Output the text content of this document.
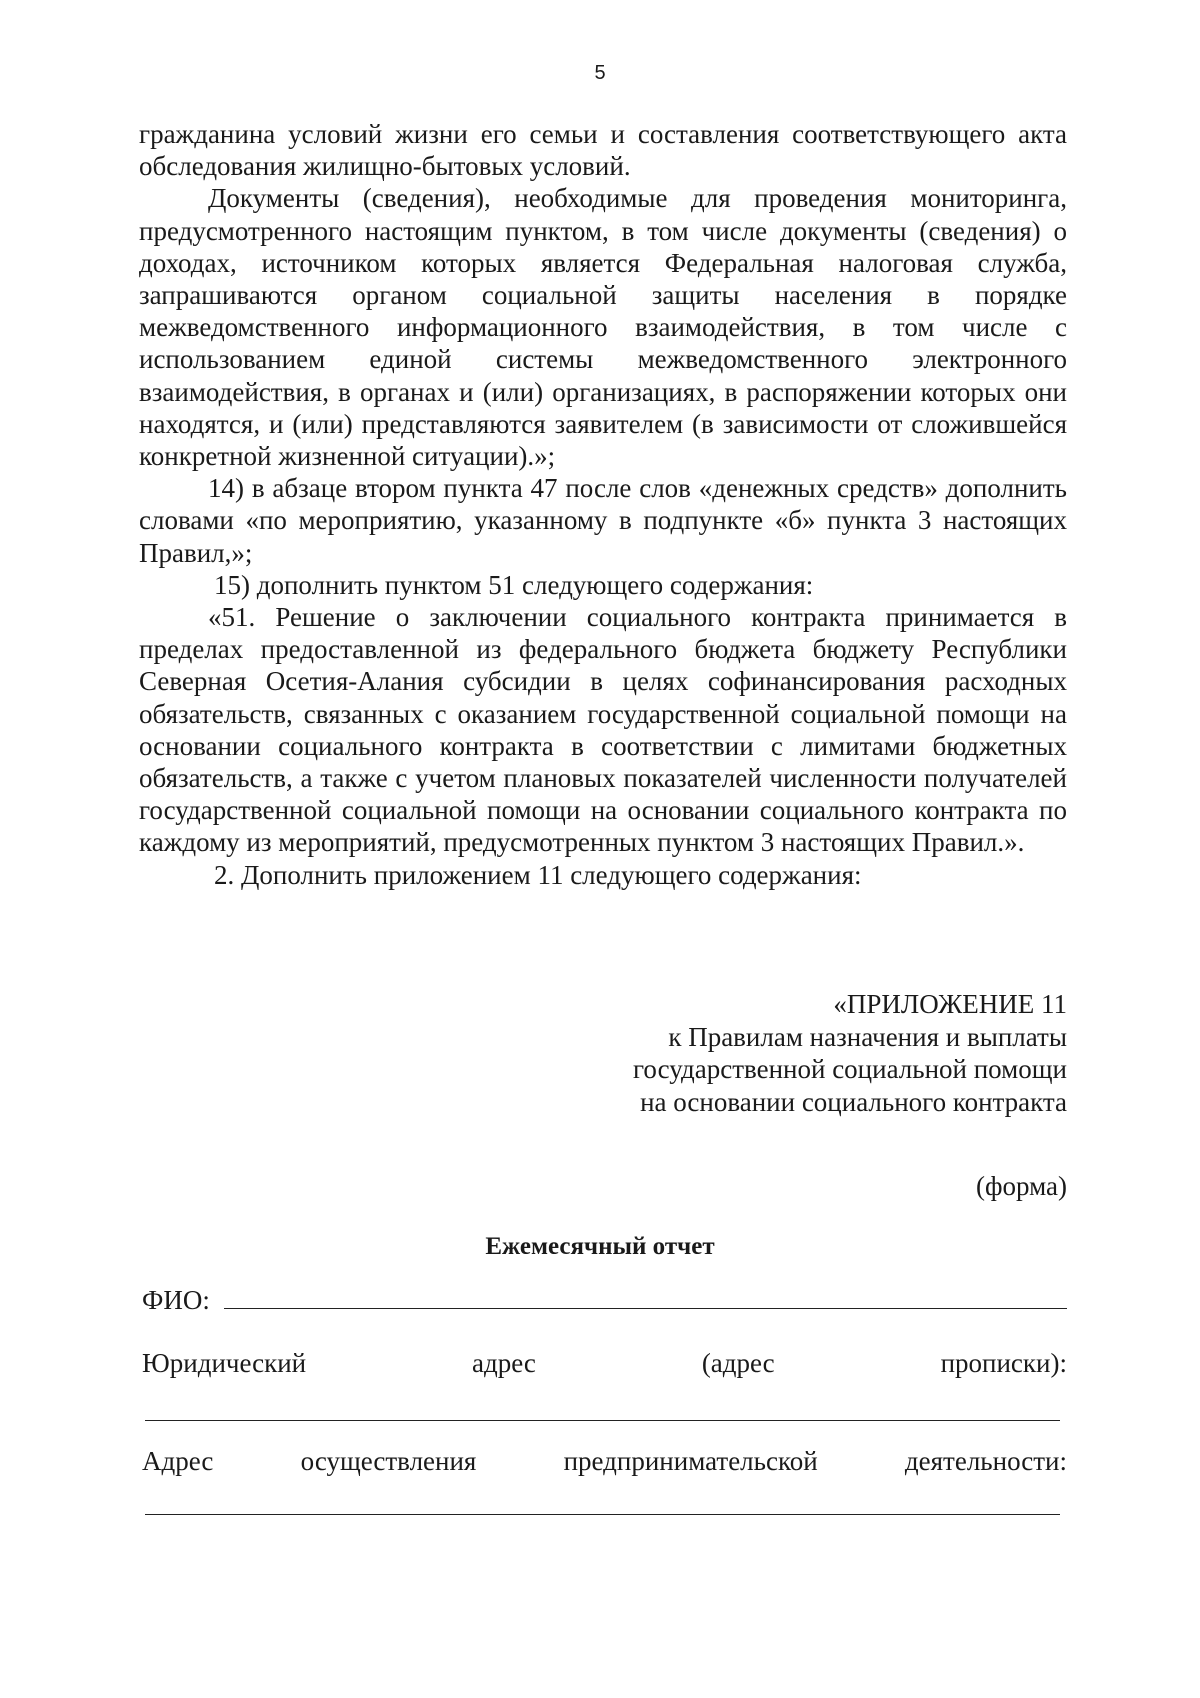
5

гражданина условий жизни его семьи и составления соответствующего акта обследования жилищно-бытовых условий.

Документы (сведения), необходимые для проведения мониторинга, предусмотренного настоящим пунктом, в том числе документы (сведения) о доходах, источником которых является Федеральная налоговая служба, запрашиваются органом социальной защиты населения в порядке межведомственного информационного взаимодействия, в том числе с использованием единой системы межведомственного электронного взаимодействия, в органах и (или) организациях, в распоряжении которых они находятся, и (или) представляются заявителем (в зависимости от сложившейся конкретной жизненной ситуации).»;

14) в абзаце втором пункта 47 после слов «денежных средств» дополнить словами «по мероприятию, указанному в подпункте «б» пункта 3 настоящих Правил,»;

15) дополнить пунктом 51 следующего содержания:

«51. Решение о заключении социального контракта принимается в пределах предоставленной из федерального бюджета бюджету Республики Северная Осетия-Алания субсидии в целях софинансирования расходных обязательств, связанных с оказанием государственной социальной помощи на основании социального контракта в соответствии с лимитами бюджетных обязательств, а также с учетом плановых показателей численности получателей государственной социальной помощи на основании социального контракта по каждому из мероприятий, предусмотренных пунктом 3 настоящих Правил.».

2. Дополнить приложением 11 следующего содержания:

«ПРИЛОЖЕНИЕ 11
к Правилам назначения и выплаты
государственной социальной помощи
на основании социального контракта
(форма)
Ежемесячный отчет
ФИО:
Юридический	адрес	(адрес	прописки):
Адрес	осуществления	предпринимательской	деятельности:
